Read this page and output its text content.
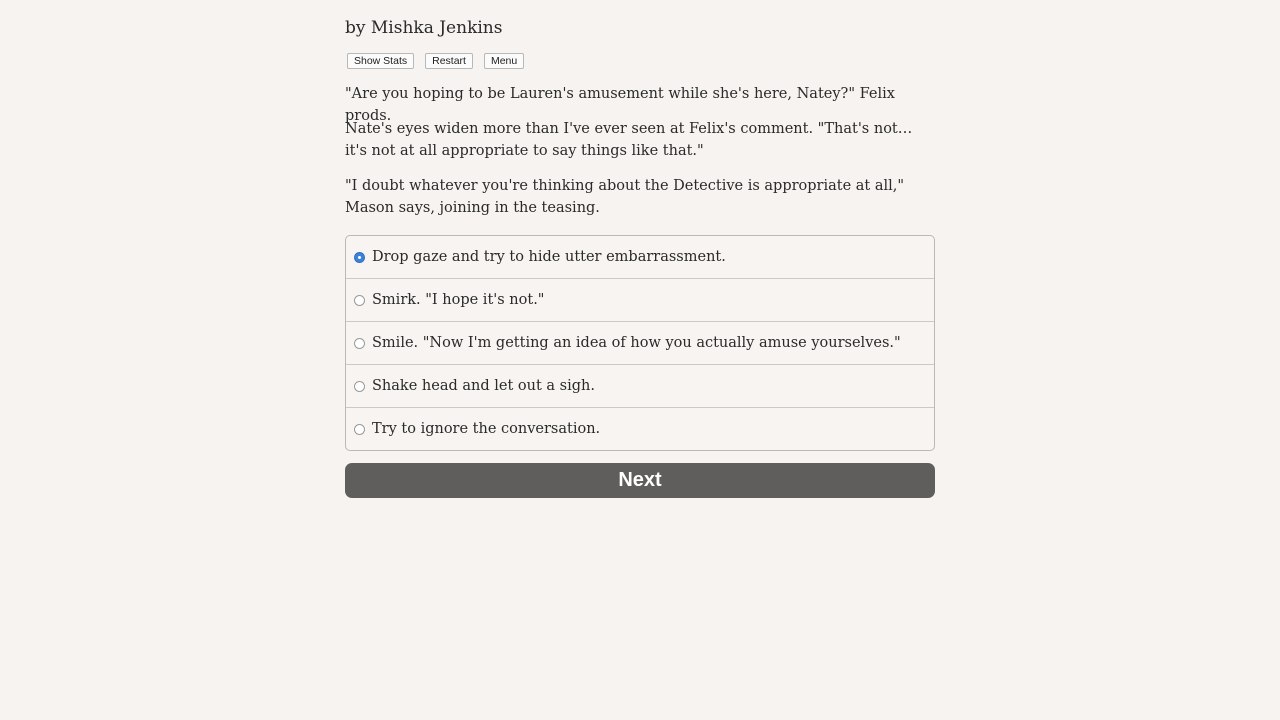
by Mishka Jenkins
Show Stats	Restart	Menu

"Are you hoping to be Lauren's amusement while she's here, Natey?" Felix prods.

Nate's eyes widen more than I've ever seen at Felix's comment. "That's not…it's not at all appropriate to say things like that."

"I doubt whatever you're thinking about the Detective is appropriate at all," Mason says, joining in the teasing.

Drop gaze and try to hide utter embarrassment.
Smirk. "I hope it's not."
Smile. "Now I'm getting an idea of how you actually amuse yourselves."
Shake head and let out a sigh.
Try to ignore the conversation.
Next
